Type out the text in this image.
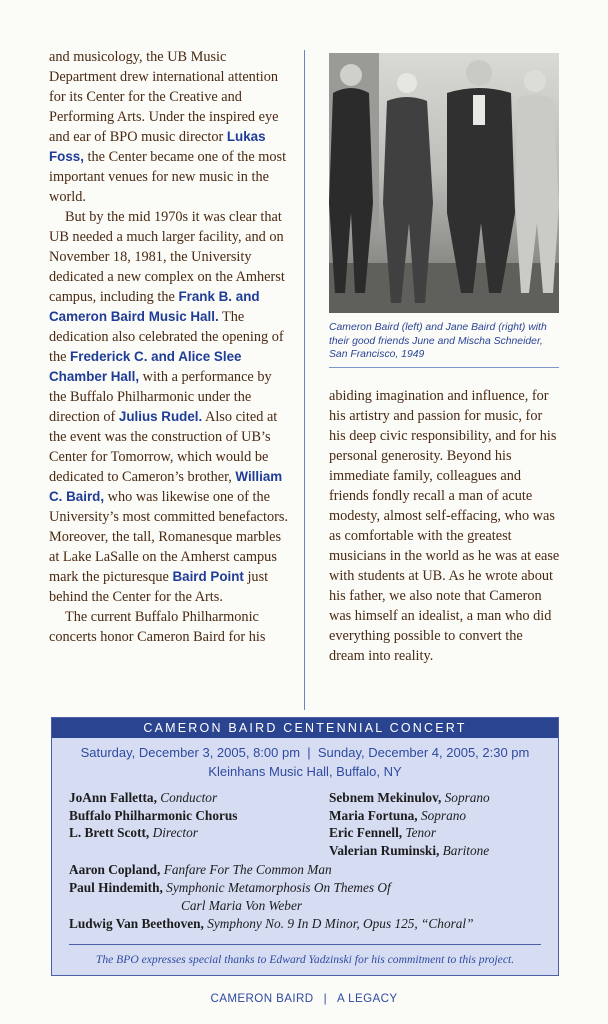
and musicology, the UB Music Department drew international attention for its Center for the Creative and Performing Arts. Under the inspired eye and ear of BPO music director Lukas Foss, the Center became one of the most important venues for new music in the world.

But by the mid 1970s it was clear that UB needed a much larger facility, and on November 18, 1981, the University dedicated a new complex on the Amherst campus, including the Frank B. and Cameron Baird Music Hall. The dedication also celebrated the opening of the Frederick C. and Alice Slee Chamber Hall, with a performance by the Buffalo Philharmonic under the direction of Julius Rudel. Also cited at the event was the construction of UB’s Center for Tomorrow, which would be dedicated to Cameron’s brother, William C. Baird, who was likewise one of the University’s most committed benefactors. Moreover, the tall, Romanesque marbles at Lake LaSalle on the Amherst campus mark the picturesque Baird Point just behind the Center for the Arts.

The current Buffalo Philharmonic concerts honor Cameron Baird for his

Cameron Baird (left) and Jane Baird (right) with their good friends June and Mischa Schneider, San Francisco, 1949

abiding imagination and influence, for his artistry and passion for music, for his deep civic responsibility, and for his personal generosity. Beyond his immediate family, colleagues and friends fondly recall a man of acute modesty, almost self-effacing, who was as comfortable with the greatest musicians in the world as he was at ease with students at UB. As he wrote about his father, we also note that Cameron was himself an idealist, a man who did everything possible to convert the dream into reality.

CAMERON BAIRD CENTENNIAL CONCERT
Saturday, December 3, 2005, 8:00 pm  |  Sunday, December 4, 2005, 2:30 pm
Kleinhans Music Hall, Buffalo, NY
JoAnn Falletta, Conductor
Buffalo Philharmonic Chorus
L. Brett Scott, Director
Sebnem Mekinulov, Soprano
Maria Fortuna, Soprano
Eric Fennell, Tenor
Valerian Ruminski, Baritone
Aaron Copland, Fanfare For The Common Man
Paul Hindemith, Symphonic Metamorphosis On Themes Of
Carl Maria Von Weber
Ludwig Van Beethoven, Symphony No. 9 In D Minor, Opus 125, “Choral”
The BPO expresses special thanks to Edward Yadzinski for his commitment to this project.
CAMERON BAIRD | A LEGACY
